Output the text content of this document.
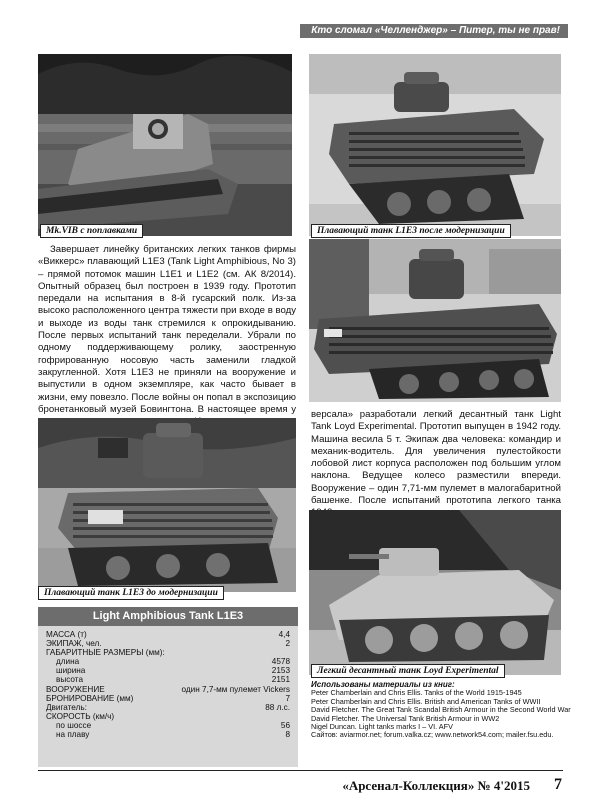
Кто сломал «Челленджер» – Питер, ты не прав!
Mk.VIB с поплавками	Плавающий танк L1E3 после модернизации

Завершает линейку британских легких танков фирмы «Виккерс» плавающий L1E3 (Tank Light Amphibious, No 3) – прямой потомок машин L1E1 и L1E2 (см. АК 8/2014). Опытный образец был построен в 1939 году. Прототип передали на испытания в 8-й гусарский полк. Из-за высоко расположенного центра тяжести при входе в воду и выходе из воды танк стремился к опрокидыванию. После первых испытаний танк переделали. Убрали по одному поддерживающему ролику, заостренную гофрированную носовую часть заменили гладкой закругленной. Хотя L1E3 не приняли на вооружение и выпустили в одном экземпляре, как часто бывает в жизни, ему повезло. После войны он попал в экспозицию бронетанковый музей Бовингтона. В настоящее время у версала» разработали легкий десантный танк Light Tank Loyd Experimental. Прототип выпущен в 1942 году. Машина весила 5 т. Экипаж два человека: командир и механик-водитель. Для увеличения пулестойкости лобовой лист корпуса расположен под большим углом наклона. Ведущее колесо разместили впереди. Вооружение – один 7,71-мм пулемет в малогабаритной башенке. После испытаний прототипа легкого танка

Плавающий танк L1E3 до модернизации
Легкий десантный танк Loyd Experimental
Light Amphibious Tank L1E3
МАССА (т)	4,4
ЭКИПАЖ, чел.	2
ГАБАРИТНЫЕ РАЗМЕРЫ (мм):
длина	4578
ширина	2153
высота	2151
ВООРУЖЕНИЕ	один 7,7-мм пулемет Vickers
БРОНИРОВАНИЕ (мм)	7
Двигатель:	88 л.с.
СКОРОСТЬ (км/ч)
по шоссе	56
на плаву	8
Использованы материалы из книг:
Peter Chamberlain and Chris Ellis. Tanks of the World 1915-1945
Peter Chamberlain and Chris Ellis. British and American Tanks of WWII
David Fletcher. The Great Tank Scandal British Armour in the Second World War
David Fletcher. The Universal Tank British Armour in WW2
Nigel Duncan. Light tanks marks I – VI. AFV
Сайтов: aviarmor.net; forum.valka.cz; www.network54.com; mailer.fsu.edu.
«Арсенал-Коллекция» № 4'2015 7
